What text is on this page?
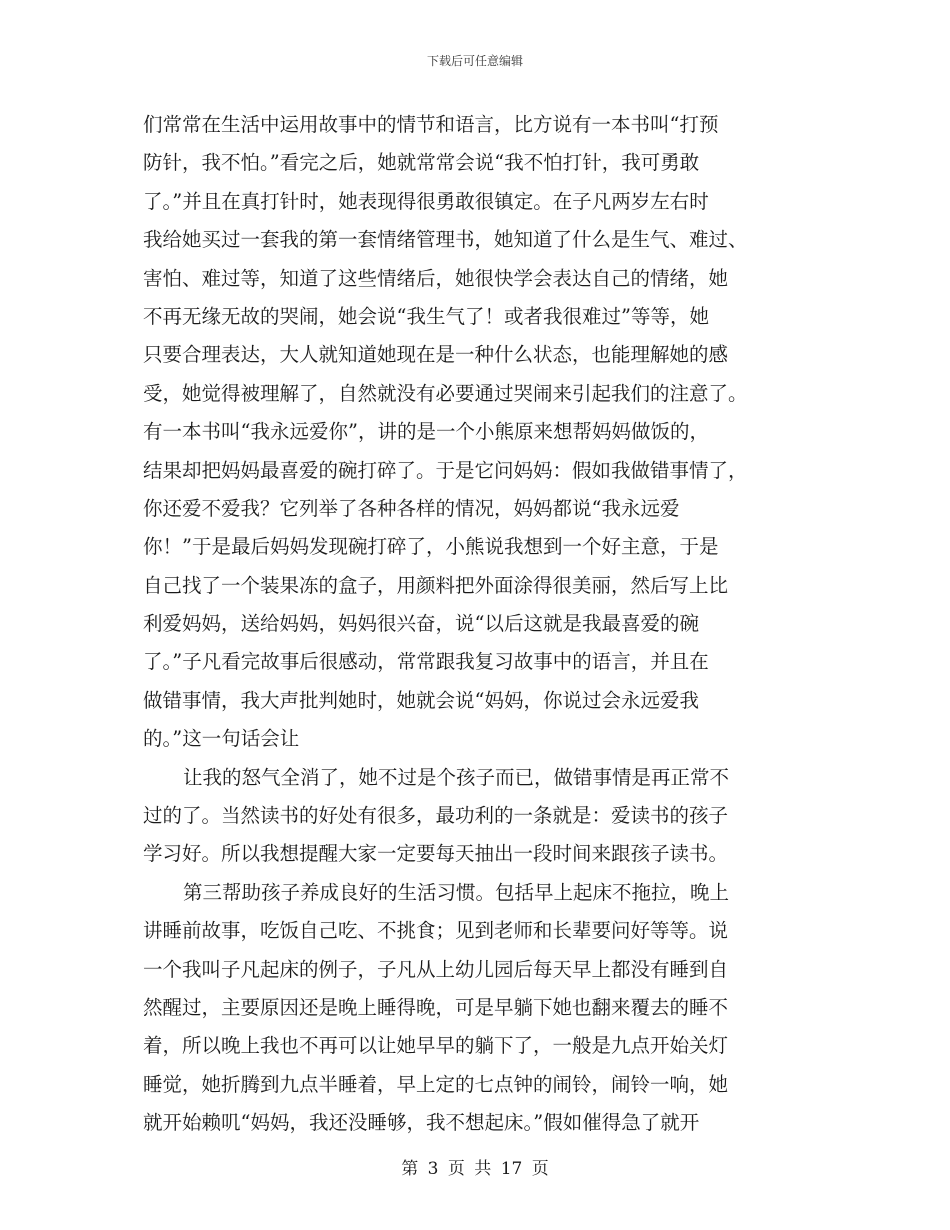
下载后可任意编辑
们常常在生活中运用故事中的情节和语言，比方说有一本书叫“打预
防针，我不怕。”看完之后，她就常常会说“我不怕打针，我可勇敢
了。”并且在真打针时，她表现得很勇敢很镇定。在子凡两岁左右时
我给她买过一套我的第一套情绪管理书，她知道了什么是生气、难过、
害怕、难过等，知道了这些情绪后，她很快学会表达自己的情绪，她
不再无缘无故的哭闹，她会说“我生气了！或者我很难过”等等，她
只要合理表达，大人就知道她现在是一种什么状态，也能理解她的感
受，她觉得被理解了，自然就没有必要通过哭闹来引起我们的注意了。
有一本书叫“我永远爱你”，讲的是一个小熊原来想帮妈妈做饭的，
结果却把妈妈最喜爱的碗打碎了。于是它问妈妈：假如我做错事情了，
你还爱不爱我？它列举了各种各样的情况，妈妈都说“我永远爱
你！”于是最后妈妈发现碗打碎了，小熊说我想到一个好主意，于是
自己找了一个装果冻的盒子，用颜料把外面涂得很美丽，然后写上比
利爱妈妈，送给妈妈，妈妈很兴奋，说“以后这就是我最喜爱的碗
了。”子凡看完故事后很感动，常常跟我复习故事中的语言，并且在
做错事情，我大声批判她时，她就会说“妈妈，你说过会永远爱我
的。”这一句话会让
让我的怒气全消了，她不过是个孩子而已，做错事情是再正常不
过的了。当然读书的好处有很多，最功利的一条就是：爱读书的孩子
学习好。所以我想提醒大家一定要每天抽出一段时间来跟孩子读书。
第三帮助孩子养成良好的生活习惯。包括早上起床不拖拉，晚上
讲睡前故事，吃饭自己吃、不挑食；见到老师和长辈要问好等等。说
一个我叫子凡起床的例子，子凡从上幼儿园后每天早上都没有睡到自
然醒过，主要原因还是晚上睡得晚，可是早躺下她也翻来覆去的睡不
着，所以晚上我也不再可以让她早早的躺下了，一般是九点开始关灯
睡觉，她折腾到九点半睡着，早上定的七点钟的闹铃，闹铃一响，她
就开始赖叽“妈妈，我还没睡够，我不想起床。”假如催得急了就开
第 3 页 共 17 页
